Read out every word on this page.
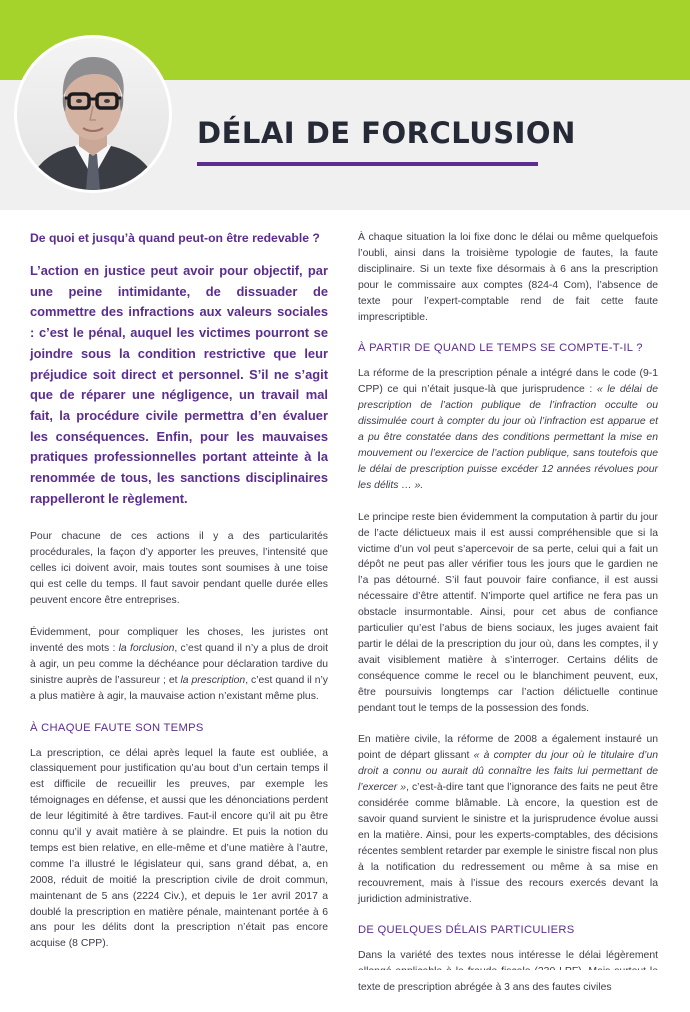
DÉLAI DE FORCLUSION

De quoi et jusqu’à quand peut-on être redevable ?

L’action en justice peut avoir pour objectif, par une peine intimidante, de dissuader de commettre des infractions aux valeurs sociales : c’est le pénal, auquel les victimes pourront se joindre sous la condition restrictive que leur préjudice soit direct et personnel. S’il ne s’agit que de réparer une négligence, un travail mal fait, la procédure civile permettra d’en évaluer les conséquences. Enfin, pour les mauvaises pratiques professionnelles portant atteinte à la renommée de tous, les sanctions disciplinaires rappelleront le règlement.

Pour chacune de ces actions il y a des particularités procédurales, la façon d’y apporter les preuves, l’intensité que celles ici doivent avoir, mais toutes sont soumises à une toise qui est celle du temps. Il faut savoir pendant quelle durée elles peuvent encore être entreprises.

Évidemment, pour compliquer les choses, les juristes ont inventé des mots : la forclusion, c’est quand il n’y a plus de droit à agir, un peu comme la déchéance pour déclaration tardive du sinistre auprès de l’assureur ; et la prescription, c’est quand il n’y a plus matière à agir, la mauvaise action n’existant même plus.

À CHAQUE FAUTE SON TEMPS

La prescription, ce délai après lequel la faute est oubliée, a classiquement pour justification qu’au bout d’un certain temps il est difficile de recueillir les preuves, par exemple les témoignages en défense, et aussi que les dénonciations perdent de leur légitimité à être tardives. Faut-il encore qu’il ait pu être connu qu’il y avait matière à se plaindre. Et puis la notion du temps est bien relative, en elle-même et d’une matière à l’autre, comme l’a illustré le législateur qui, sans grand débat, a, en 2008, réduit de moitié la prescription civile de droit commun, maintenant de 5 ans (2224 Civ.), et depuis le 1er avril 2017 a doublé la prescription en matière pénale, maintenant portée à 6 ans pour les délits dont la prescription n’était pas encore acquise (8 CPP).

À chaque situation la loi fixe donc le délai ou même quelquefois l’oubli, ainsi dans la troisième typologie de fautes, la faute disciplinaire. Si un texte fixe désormais à 6 ans la prescription pour le commissaire aux comptes (824-4 Com), l’absence de texte pour l’expert-comptable rend de fait cette faute imprescriptible.

À PARTIR DE QUAND LE TEMPS SE COMPTE-T-IL ?

La réforme de la prescription pénale a intégré dans le code (9-1 CPP) ce qui n’était jusque-là que jurisprudence : « le délai de prescription de l’action publique de l’infraction occulte ou dissimulée court à compter du jour où l’infraction est apparue et a pu être constatée dans des conditions permettant la mise en mouvement ou l’exercice de l’action publique, sans toutefois que le délai de prescription puisse excéder 12 années révolues pour les délits … ».

Le principe reste bien évidemment la computation à partir du jour de l’acte délictueux mais il est aussi compréhensible que si la victime d’un vol peut s’apercevoir de sa perte, celui qui a fait un dépôt ne peut pas aller vérifier tous les jours que le gardien ne l’a pas détourné. S’il faut pouvoir faire confiance, il est aussi nécessaire d’être attentif. N’importe quel artifice ne fera pas un obstacle insurmontable. Ainsi, pour cet abus de confiance particulier qu’est l’abus de biens sociaux, les juges avaient fait partir le délai de la prescription du jour où, dans les comptes, il y avait visiblement matière à s’interroger. Certains délits de conséquence comme le recel ou le blanchiment peuvent, eux, être poursuivis longtemps car l’action délictuelle continue pendant tout le temps de la possession des fonds.

En matière civile, la réforme de 2008 a également instauré un point de départ glissant « à compter du jour où le titulaire d’un droit a connu ou aurait dû connaître les faits lui permettant de l’exercer », c’est-à-dire tant que l’ignorance des faits ne peut être considérée comme blâmable. Là encore, la question est de savoir quand survient le sinistre et la jurisprudence évolue aussi en la matière. Ainsi, pour les experts-comptables, des décisions récentes semblent retarder par exemple le sinistre fiscal non plus à la notification du redressement ou même à sa mise en recouvrement, mais à l’issue des recours exercés devant la juridiction administrative.

DE QUELQUES DÉLAIS PARTICULIERS

Dans la variété des textes nous intéresse le délai légèrement texte de prescription abrégée à 3 ans des fautes civiles
